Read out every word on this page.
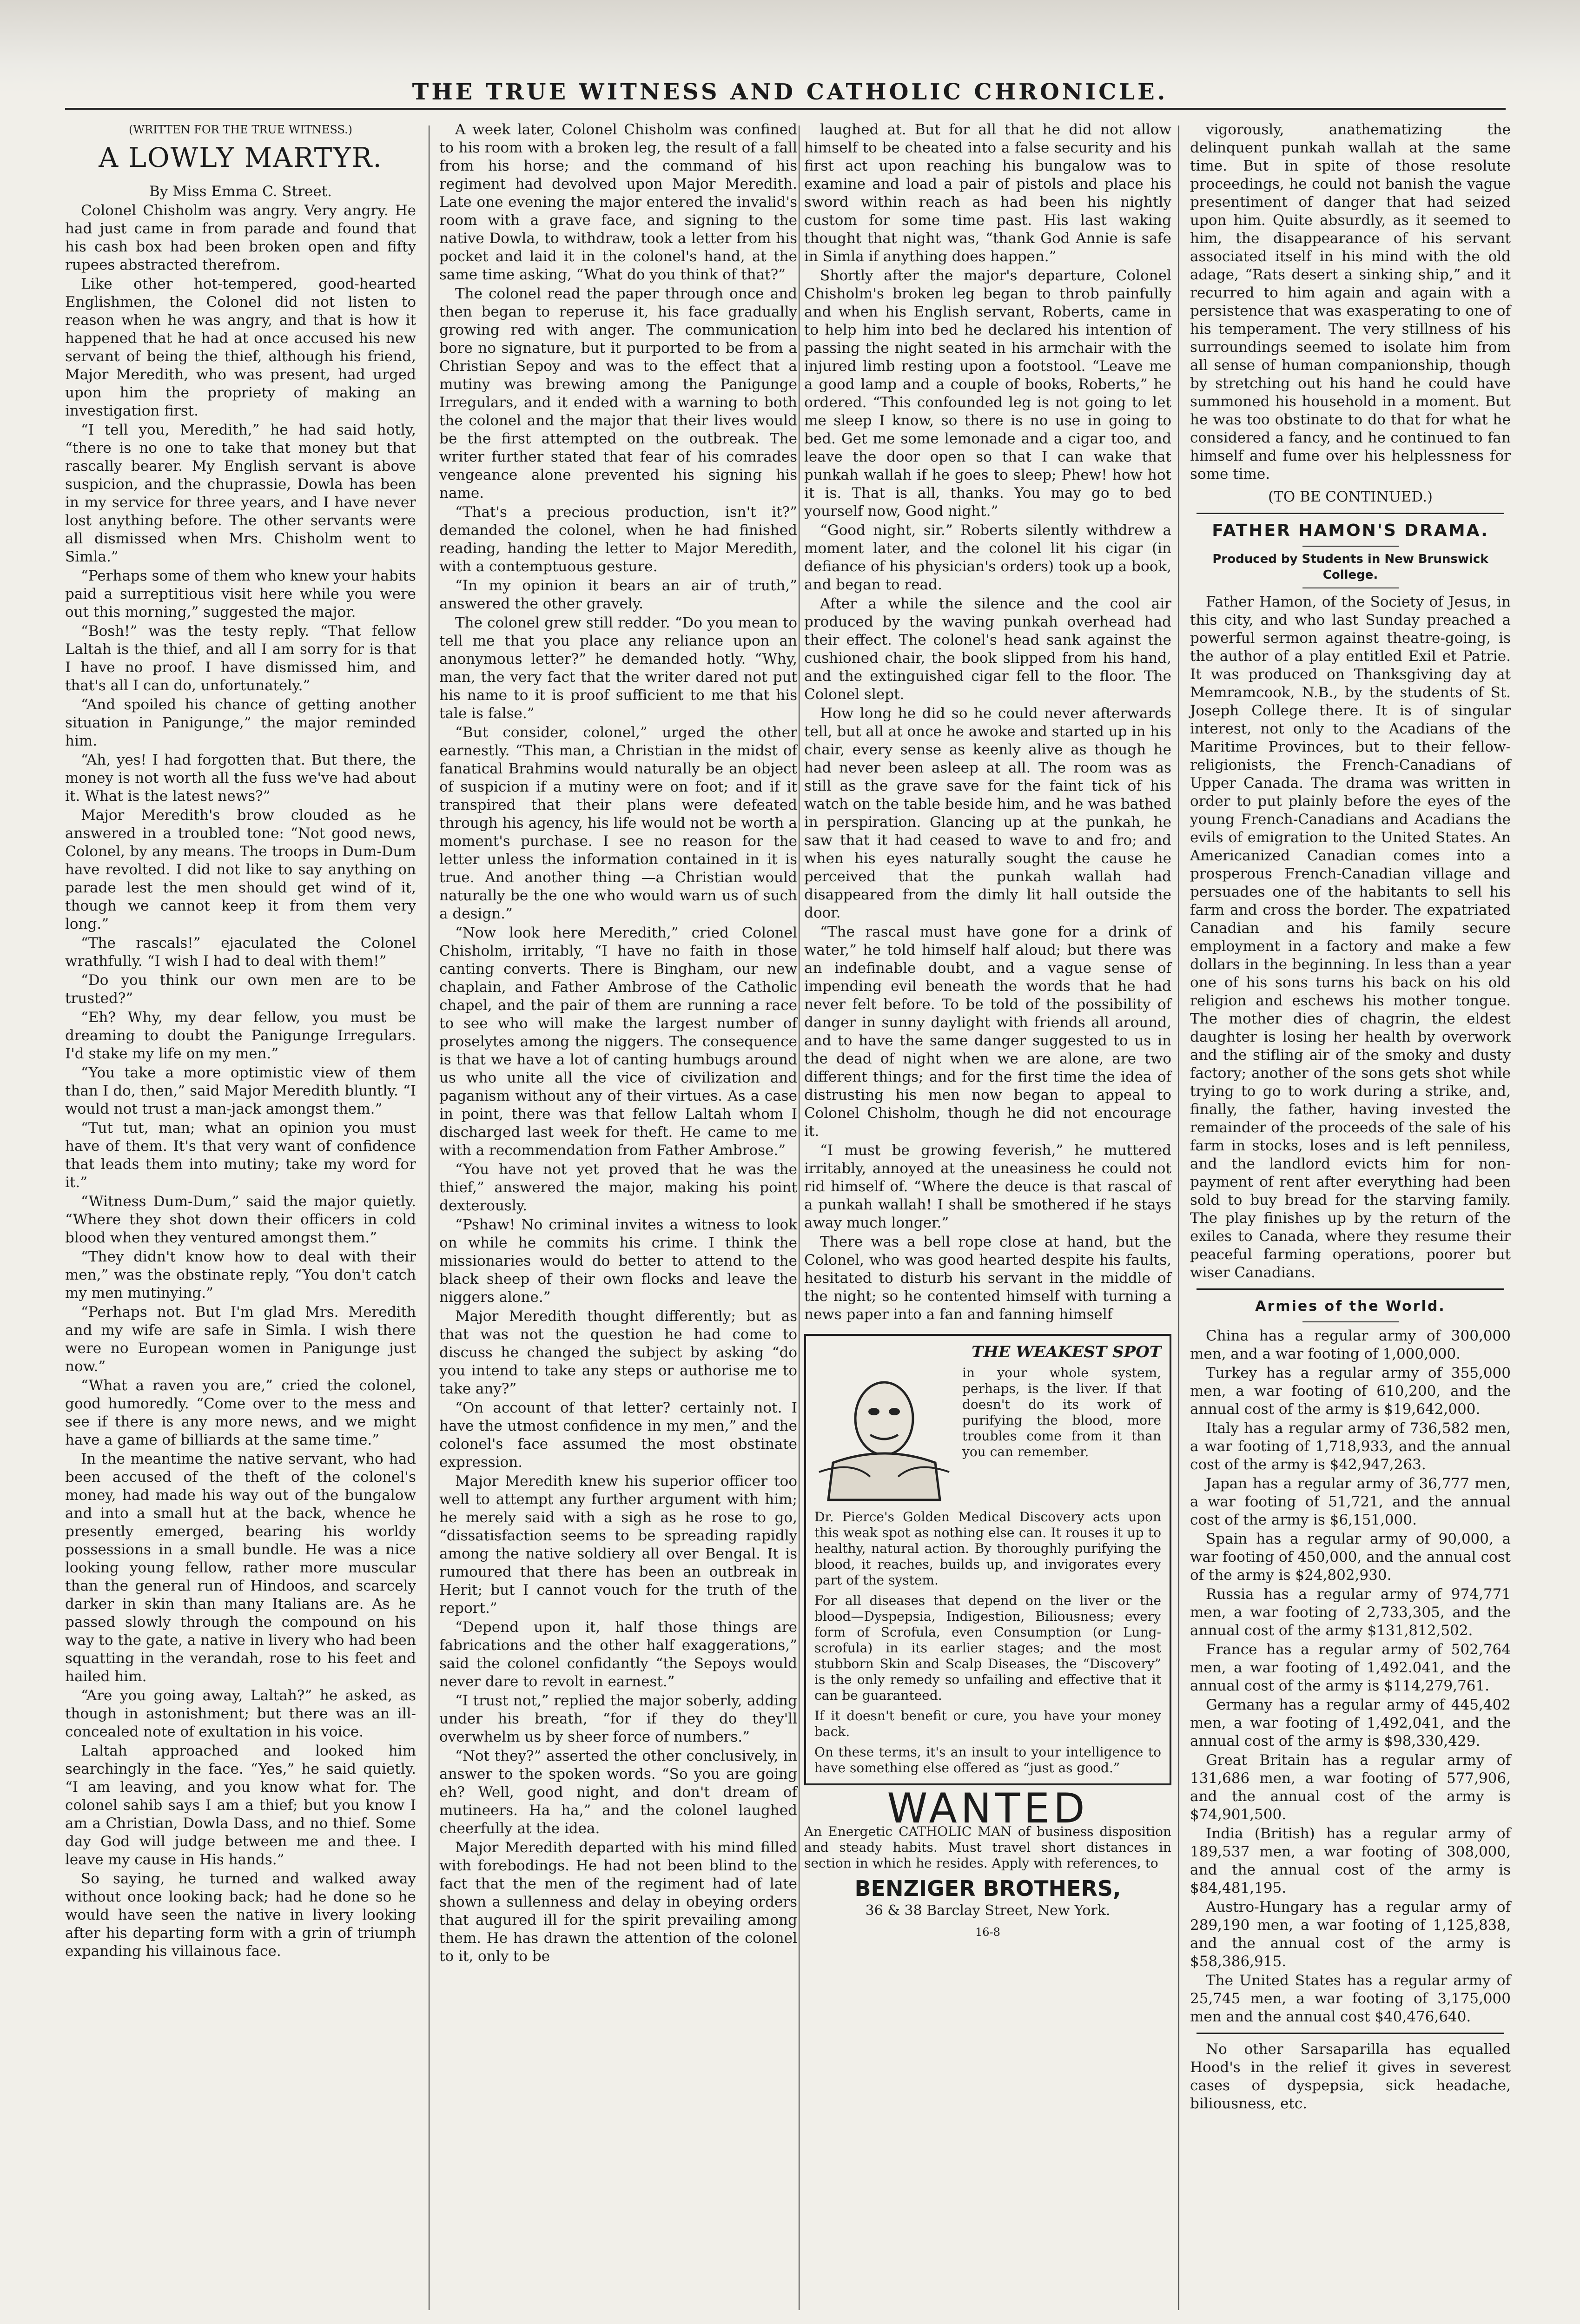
THE TRUE WITNESS AND CATHOLIC CHRONICLE.

(WRITTEN FOR THE TRUE WITNESS.)

A LOWLY MARTYR.

By Miss Emma C. Street.

Colonel Chisholm was angry. Very angry. He had just came in from parade and found that his cash box had been broken open and fifty rupees abstracted therefrom.

Like other hot-tempered, good-hearted Englishmen, the Colonel did not listen to reason when he was angry, and that is how it happened that he had at once accused his new servant of being the thief, although his friend, Major Meredith, who was present, had urged upon him the propriety of making an investigation first.

“I tell you, Meredith,” he had said hotly, “there is no one to take that money but that rascally bearer. My English servant is above suspicion, and the chuprassie, Dowla has been in my service for three years, and I have never lost anything before. The other servants were all dismissed when Mrs. Chisholm went to Simla.”

“Perhaps some of them who knew your habits paid a surreptitious visit here while you were out this morning,” suggested the major.

“Bosh!” was the testy reply. “That fellow Laltah is the thief, and all I am sorry for is that I have no proof. I have dismissed him, and that's all I can do, unfortunately.”

“And spoiled his chance of getting another situation in Panigunge,” the major reminded him.

“Ah, yes! I had forgotten that. But there, the money is not worth all the fuss we've had about it. What is the latest news?”

Major Meredith's brow clouded as he answered in a troubled tone: “Not good news, Colonel, by any means. The troops in Dum-Dum have revolted. I did not like to say anything on parade lest the men should get wind of it, though we cannot keep it from them very long.”

“The rascals!” ejaculated the Colonel wrathfully. “I wish I had to deal with them!”

“Do you think our own men are to be trusted?”

“Eh? Why, my dear fellow, you must be dreaming to doubt the Panigunge Irregulars. I'd stake my life on my men.”

“You take a more optimistic view of them than I do, then,” said Major Meredith bluntly. “I would not trust a man-jack amongst them.”

“Tut tut, man; what an opinion you must have of them. It's that very want of confidence that leads them into mutiny; take my word for it.”

“Witness Dum-Dum,” said the major quietly. “Where they shot down their officers in cold blood when they ventured amongst them.”

“They didn't know how to deal with their men,” was the obstinate reply, “You don't catch my men mutinying.”

“Perhaps not. But I'm glad Mrs. Meredith and my wife are safe in Simla. I wish there were no European women in Panigunge just now.”

“What a raven you are,” cried the colonel, good humoredly. “Come over to the mess and see if there is any more news, and we might have a game of billiards at the same time.”

In the meantime the native servant, who had been accused of the theft of the colonel's money, had made his way out of the bungalow and into a small hut at the back, whence he presently emerged, bearing his worldy possessions in a small bundle. He was a nice looking young fellow, rather more muscular than the general run of Hindoos, and scarcely darker in skin than many Italians are. As he passed slowly through the compound on his way to the gate, a native in livery who had been squatting in the verandah, rose to his feet and hailed him.

“Are you going away, Laltah?” he asked, as though in astonishment; but there was an ill-concealed note of exultation in his voice.

Laltah approached and looked him searchingly in the face. “Yes,” he said quietly. “I am leaving, and you know what for. The colonel sahib says I am a thief; but you know I am a Christian, Dowla Dass, and no thief. Some day God will judge between me and thee. I leave my cause in His hands.”

So saying, he turned and walked away without once looking back; had he done so he would have seen the native in livery looking after his departing form with a grin of triumph expanding his villainous face.

A week later, Colonel Chisholm was confined to his room with a broken leg, the result of a fall from his horse; and the command of his regiment had devolved upon Major Meredith. Late one evening the major entered the invalid's room with a grave face, and signing to the native Dowla, to withdraw, took a letter from his pocket and laid it in the colonel's hand, at the same time asking, “What do you think of that?”

The colonel read the paper through once and then began to reperuse it, his face gradually growing red with anger. The communication bore no signature, but it purported to be from a Christian Sepoy and was to the effect that a mutiny was brewing among the Panigunge Irregulars, and it ended with a warning to both the colonel and the major that their lives would be the first attempted on the outbreak. The writer further stated that fear of his comrades vengeance alone prevented his signing his name.

“That's a precious production, isn't it?” demanded the colonel, when he had finished reading, handing the letter to Major Meredith, with a contemptuous gesture.

“In my opinion it bears an air of truth,” answered the other gravely.

The colonel grew still redder. “Do you mean to tell me that you place any reliance upon an anonymous letter?” he demanded hotly. “Why, man, the very fact that the writer dared not put his name to it is proof sufficient to me that his tale is false.”

“But consider, colonel,” urged the other earnestly. “This man, a Christian in the midst of fanatical Brahmins would naturally be an object of suspicion if a mutiny were on foot; and if it transpired that their plans were defeated through his agency, his life would not be worth a moment's purchase. I see no reason for the letter unless the information contained in it is true. And another thing —a Christian would naturally be the one who would warn us of such a design.”

“Now look here Meredith,” cried Colonel Chisholm, irritably, “I have no faith in those canting converts. There is Bingham, our new chaplain, and Father Ambrose of the Catholic chapel, and the pair of them are running a race to see who will make the largest number of proselytes among the niggers. The consequence is that we have a lot of canting humbugs around us who unite all the vice of civilization and paganism without any of their virtues. As a case in point, there was that fellow Laltah whom I discharged last week for theft. He came to me with a recommendation from Father Ambrose.”

“You have not yet proved that he was the thief,” answered the major, making his point dexterously.

“Pshaw! No criminal invites a witness to look on while he commits his crime. I think the missionaries would do better to attend to the black sheep of their own flocks and leave the niggers alone.”

Major Meredith thought differently; but as that was not the question he had come to discuss he changed the subject by asking “do you intend to take any steps or authorise me to take any?”

“On account of that letter? certainly not. I have the utmost confidence in my men,” and the colonel's face assumed the most obstinate expression.

Major Meredith knew his superior officer too well to attempt any further argument with him; he merely said with a sigh as he rose to go, “dissatisfaction seems to be spreading rapidly among the native soldiery all over Bengal. It is rumoured that there has been an outbreak in Herit; but I cannot vouch for the truth of the report.”

“Depend upon it, half those things are fabrications and the other half exaggerations,” said the colonel confidantly “the Sepoys would never dare to revolt in earnest.”

“I trust not,” replied the major soberly, adding under his breath, “for if they do they'll overwhelm us by sheer force of numbers.”

“Not they?” asserted the other conclusively, in answer to the spoken words. “So you are going eh? Well, good night, and don't dream of mutineers. Ha ha,” and the colonel laughed cheerfully at the idea.

Major Meredith departed with his mind filled with forebodings. He had not been blind to the fact that the men of the regiment had of late shown a sullenness and delay in obeying orders that augured ill for the spirit prevailing among them. He has drawn the attention of the colonel to it, only to be

laughed at. But for all that he did not allow himself to be cheated into a false security and his first act upon reaching his bungalow was to examine and load a pair of pistols and place his sword within reach as had been his nightly custom for some time past. His last waking thought that night was, “thank God Annie is safe in Simla if anything does happen.”

Shortly after the major's departure, Colonel Chisholm's broken leg began to throb painfully and when his English servant, Roberts, came in to help him into bed he declared his intention of passing the night seated in his armchair with the injured limb resting upon a footstool. “Leave me a good lamp and a couple of books, Roberts,” he ordered. “This confounded leg is not going to let me sleep I know, so there is no use in going to bed. Get me some lemonade and a cigar too, and leave the door open so that I can wake that punkah wallah if he goes to sleep; Phew! how hot it is. That is all, thanks. You may go to bed yourself now, Good night.”

“Good night, sir.” Roberts silently withdrew a moment later, and the colonel lit his cigar (in defiance of his physician's orders) took up a book, and began to read.

After a while the silence and the cool air produced by the waving punkah overhead had their effect. The colonel's head sank against the cushioned chair, the book slipped from his hand, and the extinguished cigar fell to the floor. The Colonel slept.

How long he did so he could never afterwards tell, but all at once he awoke and started up in his chair, every sense as keenly alive as though he had never been asleep at all. The room was as still as the grave save for the faint tick of his watch on the table beside him, and he was bathed in perspiration. Glancing up at the punkah, he saw that it had ceased to wave to and fro; and when his eyes naturally sought the cause he perceived that the punkah wallah had disappeared from the dimly lit hall outside the door.

“The rascal must have gone for a drink of water,” he told himself half aloud; but there was an indefinable doubt, and a vague sense of impending evil beneath the words that he had never felt before. To be told of the possibility of danger in sunny daylight with friends all around, and to have the same danger suggested to us in the dead of night when we are alone, are two different things; and for the first time the idea of distrusting his men now began to appeal to Colonel Chisholm, though he did not encourage it.

“I must be growing feverish,” he muttered irritably, annoyed at the uneasiness he could not rid himself of. “Where the deuce is that rascal of a punkah wallah! I shall be smothered if he stays away much longer.”

There was a bell rope close at hand, but the Colonel, who was good hearted despite his faults, hesitated to disturb his servant in the middle of the night; so he contented himself with turning a news paper into a fan and fanning himself

THE WEAKEST SPOT
in your whole system, perhaps, is the liver. If that doesn't do its work of purifying the blood, more troubles come from it than you can remember.
Dr. Pierce's Golden Medical Discovery acts upon this weak spot as nothing else can. It rouses it up to healthy, natural action. By thoroughly purifying the blood, it reaches, builds up, and invigorates every part of the system.
For all diseases that depend on the liver or the blood—Dyspepsia, Indigestion, Biliousness; every form of Scrofula, even Consumption (or Lung-scrofula) in its earlier stages; and the most stubborn Skin and Scalp Diseases, the “Discovery” is the only remedy so unfailing and effective that it can be guaranteed.
If it doesn't benefit or cure, you have your money back.
On these terms, it's an insult to your intelligence to have something else offered as “just as good.”
WANTED
An Energetic CATHOLIC MAN of business disposition and steady habits. Must travel short distances in section in which he resides. Apply with references, to
BENZIGER BROTHERS,
36 & 38 Barclay Street, New York.
16-8

vigorously, anathematizing the delinquent punkah wallah at the same time. But in spite of those resolute proceedings, he could not banish the vague presentiment of danger that had seized upon him. Quite absurdly, as it seemed to him, the disappearance of his servant associated itself in his mind with the old adage, “Rats desert a sinking ship,” and it recurred to him again and again with a persistence that was exasperating to one of his temperament. The very stillness of his surroundings seemed to isolate him from all sense of human companionship, though by stretching out his hand he could have summoned his household in a moment. But he was too obstinate to do that for what he considered a fancy, and he continued to fan himself and fume over his helplessness for some time.

(TO BE CONTINUED.)

FATHER HAMON'S DRAMA.
Produced by Students in New Brunswick College.

Father Hamon, of the Society of Jesus, in this city, and who last Sunday preached a powerful sermon against theatre-going, is the author of a play entitled Exil et Patrie. It was produced on Thanksgiving day at Memramcook, N.B., by the students of St. Joseph College there. It is of singular interest, not only to the Acadians of the Maritime Provinces, but to their fellow-religionists, the French-Canadians of Upper Canada. The drama was written in order to put plainly before the eyes of the young French-Canadians and Acadians the evils of emigration to the United States. An Americanized Canadian comes into a prosperous French-Canadian village and persuades one of the habitants to sell his farm and cross the border. The expatriated Canadian and his family secure employment in a factory and make a few dollars in the beginning. In less than a year one of his sons turns his back on his old religion and eschews his mother tongue. The mother dies of chagrin, the eldest daughter is losing her health by overwork and the stifling air of the smoky and dusty factory; another of the sons gets shot while trying to go to work during a strike, and, finally, the father, having invested the remainder of the proceeds of the sale of his farm in stocks, loses and is left penniless, and the landlord evicts him for non-payment of rent after everything had been sold to buy bread for the starving family. The play finishes up by the return of the exiles to Canada, where they resume their peaceful farming operations, poorer but wiser Canadians.

Armies of the World.

China has a regular army of 300,000 men, and a war footing of 1,000,000.

Turkey has a regular army of 355,000 men, a war footing of 610,200, and the annual cost of the army is $19,642,000.

Italy has a regular army of 736,582 men, a war footing of 1,718,933, and the annual cost of the army is $42,947,263.

Japan has a regular army of 36,777 men, a war footing of 51,721, and the annual cost of the army is $6,151,000.

Spain has a regular army of 90,000, a war footing of 450,000, and the annual cost of the army is $24,802,930.

Russia has a regular army of 974,771 men, a war footing of 2,733,305, and the annual cost of the army $131,812,502.

France has a regular army of 502,764 men, a war footing of 1,492.041, and the annual cost of the army is $114,279,761.

Germany has a regular army of 445,402 men, a war footing of 1,492,041, and the annual cost of the army is $98,330,429.

Great Britain has a regular army of 131,686 men, a war footing of 577,906, and the annual cost of the army is $74,901,500.

India (British) has a regular army of 189,537 men, a war footing of 308,000, and the annual cost of the army is $84,481,195.

Austro-Hungary has a regular army of 289,190 men, a war footing of 1,125,838, and the annual cost of the army is $58,386,915.

The United States has a regular army of 25,745 men, a war footing of 3,175,000 men and the annual cost $40,476,640.

No other Sarsaparilla has equalled Hood's in the relief it gives in severest cases of dyspepsia, sick headache, biliousness, etc.
